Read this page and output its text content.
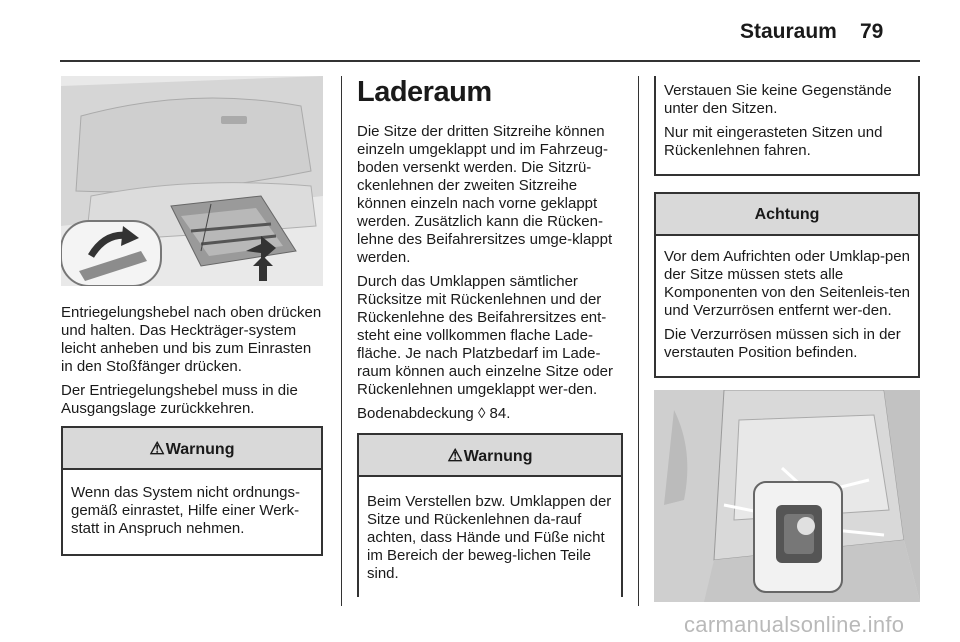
Stauraum 79

Entriegelungshebel nach oben drücken und halten. Das Heckträger-system leicht anheben und bis zum Einrasten in den Stoßfänger drücken.

Der Entriegelungshebel muss in die Ausgangslage zurückkehren.

⚠Warnung

Wenn das System nicht ordnungs-gemäß einrastet, Hilfe einer Werk-statt in Anspruch nehmen.

Laderaum

Die Sitze der dritten Sitzreihe können einzeln umgeklappt und im Fahrzeug-boden versenkt werden. Die Sitzrü-ckenlehnen der zweiten Sitzreihe können einzeln nach vorne geklappt werden. Zusätzlich kann die Rücken-lehne des Beifahrersitzes umge-klappt werden.

Durch das Umklappen sämtlicher Rücksitze mit Rückenlehnen und der Rückenlehne des Beifahrersitzes ent-steht eine vollkommen flache Lade-fläche. Je nach Platzbedarf im Lade-raum können auch einzelne Sitze oder Rückenlehnen umgeklappt wer-den.

Bodenabdeckung ◊ 84.

⚠Warnung

Beim Verstellen bzw. Umklappen der Sitze und Rückenlehnen da-rauf achten, dass Hände und Füße nicht im Bereich der beweg-lichen Teile sind.

Verstauen Sie keine Gegenstände unter den Sitzen.

Nur mit eingerasteten Sitzen und Rückenlehnen fahren.

Achtung

Vor dem Aufrichten oder Umklap-pen der Sitze müssen stets alle Komponenten von den Seitenleis-ten und Verzurrösen entfernt wer-den.

Die Verzurrösen müssen sich in der verstauten Position befinden.

carmanualsonline.info
